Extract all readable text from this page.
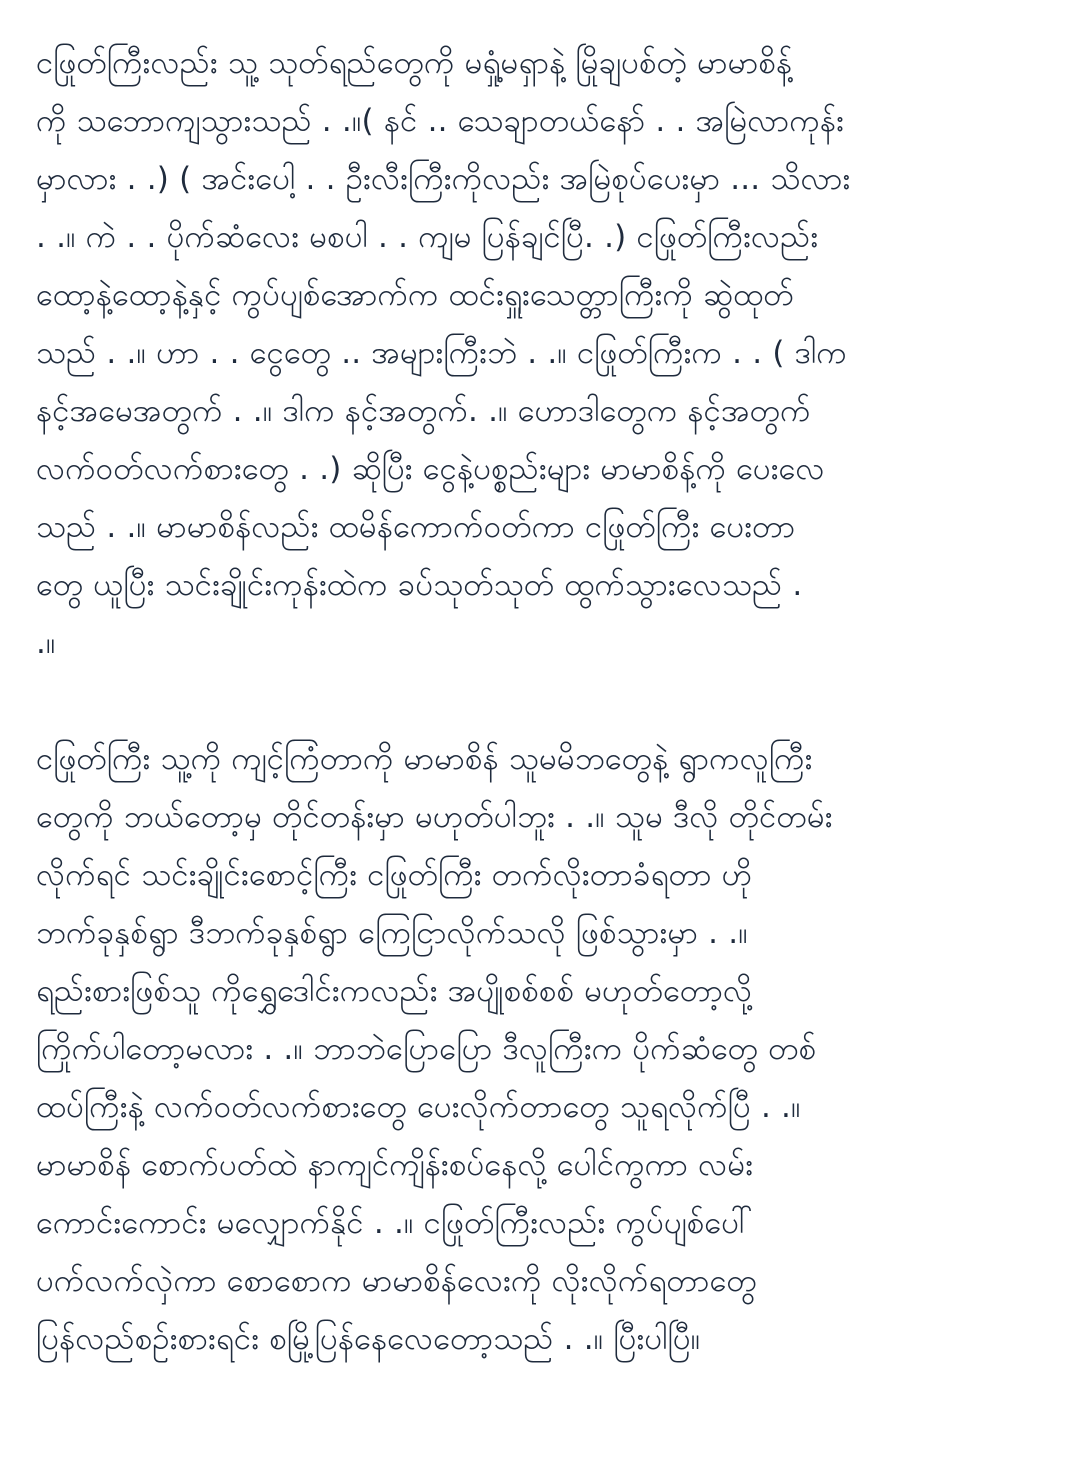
ငဖြုတ်ကြီးလည်း သူ့ သုတ်ရည်တွေကို မရှုံ့မရှာနဲ့ မြိုချပစ်တဲ့ မာမာစိန့်
ကို သဘောကျသွားသည် . .။( နင် .. သေချာတယ်နော် . . အမြဲလာကုန်း
မှာလား . .) ( အင်းပေါ့ . . ဦးလီးကြီးကိုလည်း အမြဲစုပ်ပေးမှာ ... သိလား
. .။ ကဲ . . ပိုက်ဆံလေး မစပါ . . ကျမ ပြန်ချင်ပြီ. .) ငဖြုတ်ကြီးလည်း
ထော့နဲ့ထော့နဲ့နှင့် ကွပ်ပျစ်အောက်က ထင်းရှူးသေတ္တာကြီးကို ဆွဲထုတ်
သည် . .။ ဟာ . . ငွေတွေ .. အများကြီးဘဲ . .။ ငဖြုတ်ကြီးက . . ( ဒါက
နင့်အမေအတွက် . .။ ဒါက နင့်အတွက်. .။ ဟောဒါတွေက နင့်အတွက်
လက်ဝတ်လက်စားတွေ . .) ဆိုပြီး ငွေနဲ့ပစ္စည်းများ မာမာစိန့်ကို ပေးလေ
သည် . .။ မာမာစိန်လည်း ထမိန်ကောက်ဝတ်ကာ ငဖြုတ်ကြီး ပေးတာ
တွေ ယူပြီး သင်းချိုင်းကုန်းထဲက ခပ်သုတ်သုတ် ထွက်သွားလေသည် .
.။
ငဖြုတ်ကြီး သူ့ကို ကျင့်ကြံတာကို မာမာစိန် သူမမိဘတွေနဲ့ ရွာကလူကြီး
တွေကို ဘယ်တော့မှ တိုင်တန်းမှာ မဟုတ်ပါဘူး . .။ သူမ ဒီလို တိုင်တမ်း
လိုက်ရင် သင်းချိုင်းစောင့်ကြီး ငဖြုတ်ကြီး တက်လိုးတာခံရတာ ဟို
ဘက်ခုနှစ်ရွာ ဒီဘက်ခုနှစ်ရွာ ကြေငြာလိုက်သလို ဖြစ်သွားမှာ . .။
ရည်းစားဖြစ်သူ ကိုရွှေဒေါင်းကလည်း အပျိုစစ်စစ် မဟုတ်တော့လို့
ကြိုက်ပါတော့မလား . .။ ဘာဘဲပြောပြော ဒီလူကြီးက ပိုက်ဆံတွေ တစ်
ထပ်ကြီးနဲ့ လက်ဝတ်လက်စားတွေ ပေးလိုက်တာတွေ သူရလိုက်ပြီ . .။
မာမာစိန် စောက်ပတ်ထဲ နာကျင်ကျိန်းစပ်နေလို့ ပေါင်ကွကာ လမ်း
ကောင်းကောင်း မလျှောက်နိုင် . .။ ငဖြုတ်ကြီးလည်း ကွပ်ပျစ်ပေါ်
ပက်လက်လှဲကာ စောစောက မာမာစိန်လေးကို လိုးလိုက်ရတာတွေ
ပြန်လည်စဉ်းစားရင်း စမြို့ပြန်နေလေတော့သည် . .။ ပြီးပါပြီ။
